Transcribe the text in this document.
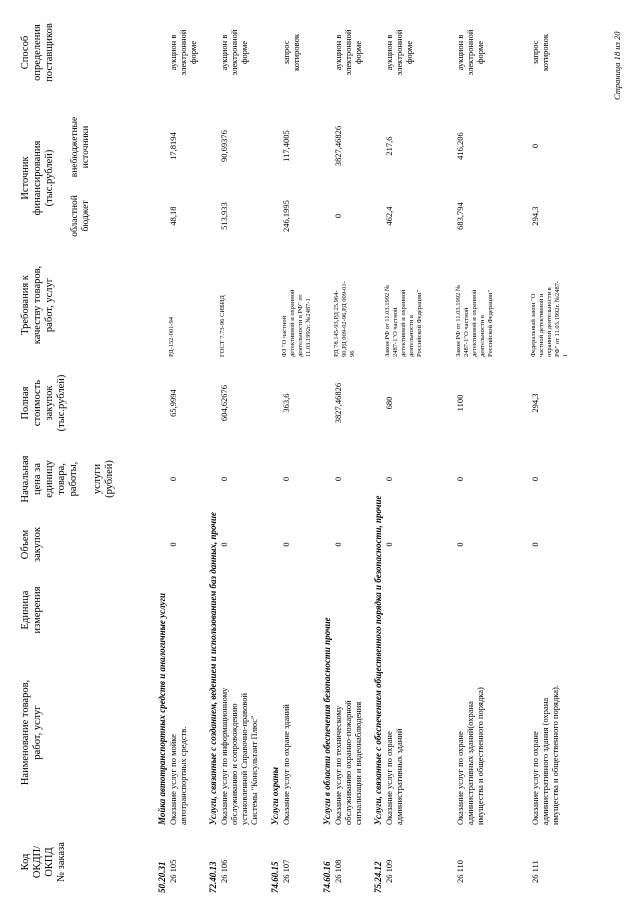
Код
ОКДП/
ОКПД
№ заказа
Наименование товаров,
работ, услуг
Единица
измерения
Объем
закупок
Начальная
цена за
единицу
товара,
работы,

услуги
(рублей)
Полная
стоимость
закупок
(тыс.рублей)
Требования к
качеству товаров,
работ, услуг
Источник
финансирования
(тыс.рублей)
областной
бюджет
внебюджетные
источники
Способ
определения
поставщиков
50.20.31
Мойка автотранспортных средств и аналогичные услуги
26 105
Оказание услуг по мойке
автотранспортных средств.
0
0
65,9994
РД-152-001-94
48,18
17,8194
аукцион в
электронной
форме
72.40.13
Услуги, связанные с созданием, ведением и использованием баз данных, прочие
26 106
Оказание услуг по информационному
обслуживанию и сопровождению
установленной Справочно-правовой
Системы "Консультант Плюс"
0
0
604,62676
ГОСТ 7.73-96 СИБИД
513,933
90,69376
аукцион в
электронной
форме
74.60.15
Услуги охраны
26 107
Оказание услуг по охране зданий
0
0
363,6
ФЗ "О частной
детективной и охранной
деятельности в РФ" от
11.03.1992г. №2487-1
246,1995
117,4005
запрос
котировок
74.60.16
Услуги в области обеспечения безопасности прочие
26 108
Оказание услуг по техническому
обслуживанию охранно-пожарной
сигнализации и видеонаблюдения
0
0
3827,46826
РД 78.145-93,РД 25.964-
90,РД 009-02-96,РД 009-01-
96
0
3827,46826
аукцион в
электронной
форме
75.24.12
Услуги, связанные с обеспечением общественного порядка и безопасности, прочие
26 109
Оказание услуг по охране
административных зданий
0
0
680
Закон РФ от 11.03.1992 №
2487-1"О частной
детективной и охранной
деятельности в
Российской Федерации"
462,4
217,6
аукцион в
электронной
форме
26 110
Оказание услуг по охране
административных зданий(охрана
имущества и общественного порядка)
0
0
1100
Закон РФ от 11.03.1992 №
2487-1"О частной
детективной и охранной
деятельности в
Российской Федерации"
683,794
416,206
аукцион в
электронной
форме
26 111
Оказание услуг по охране
административного здания (охрана
имущества и общественного порядка).
0
0
294,3
Федеральный закон "О
частной детективной и
охранной деятельности в
РФ" от 11.03.1992г. №2487-
1
294,3
0
запрос
котировок	Страница 18 из 20
